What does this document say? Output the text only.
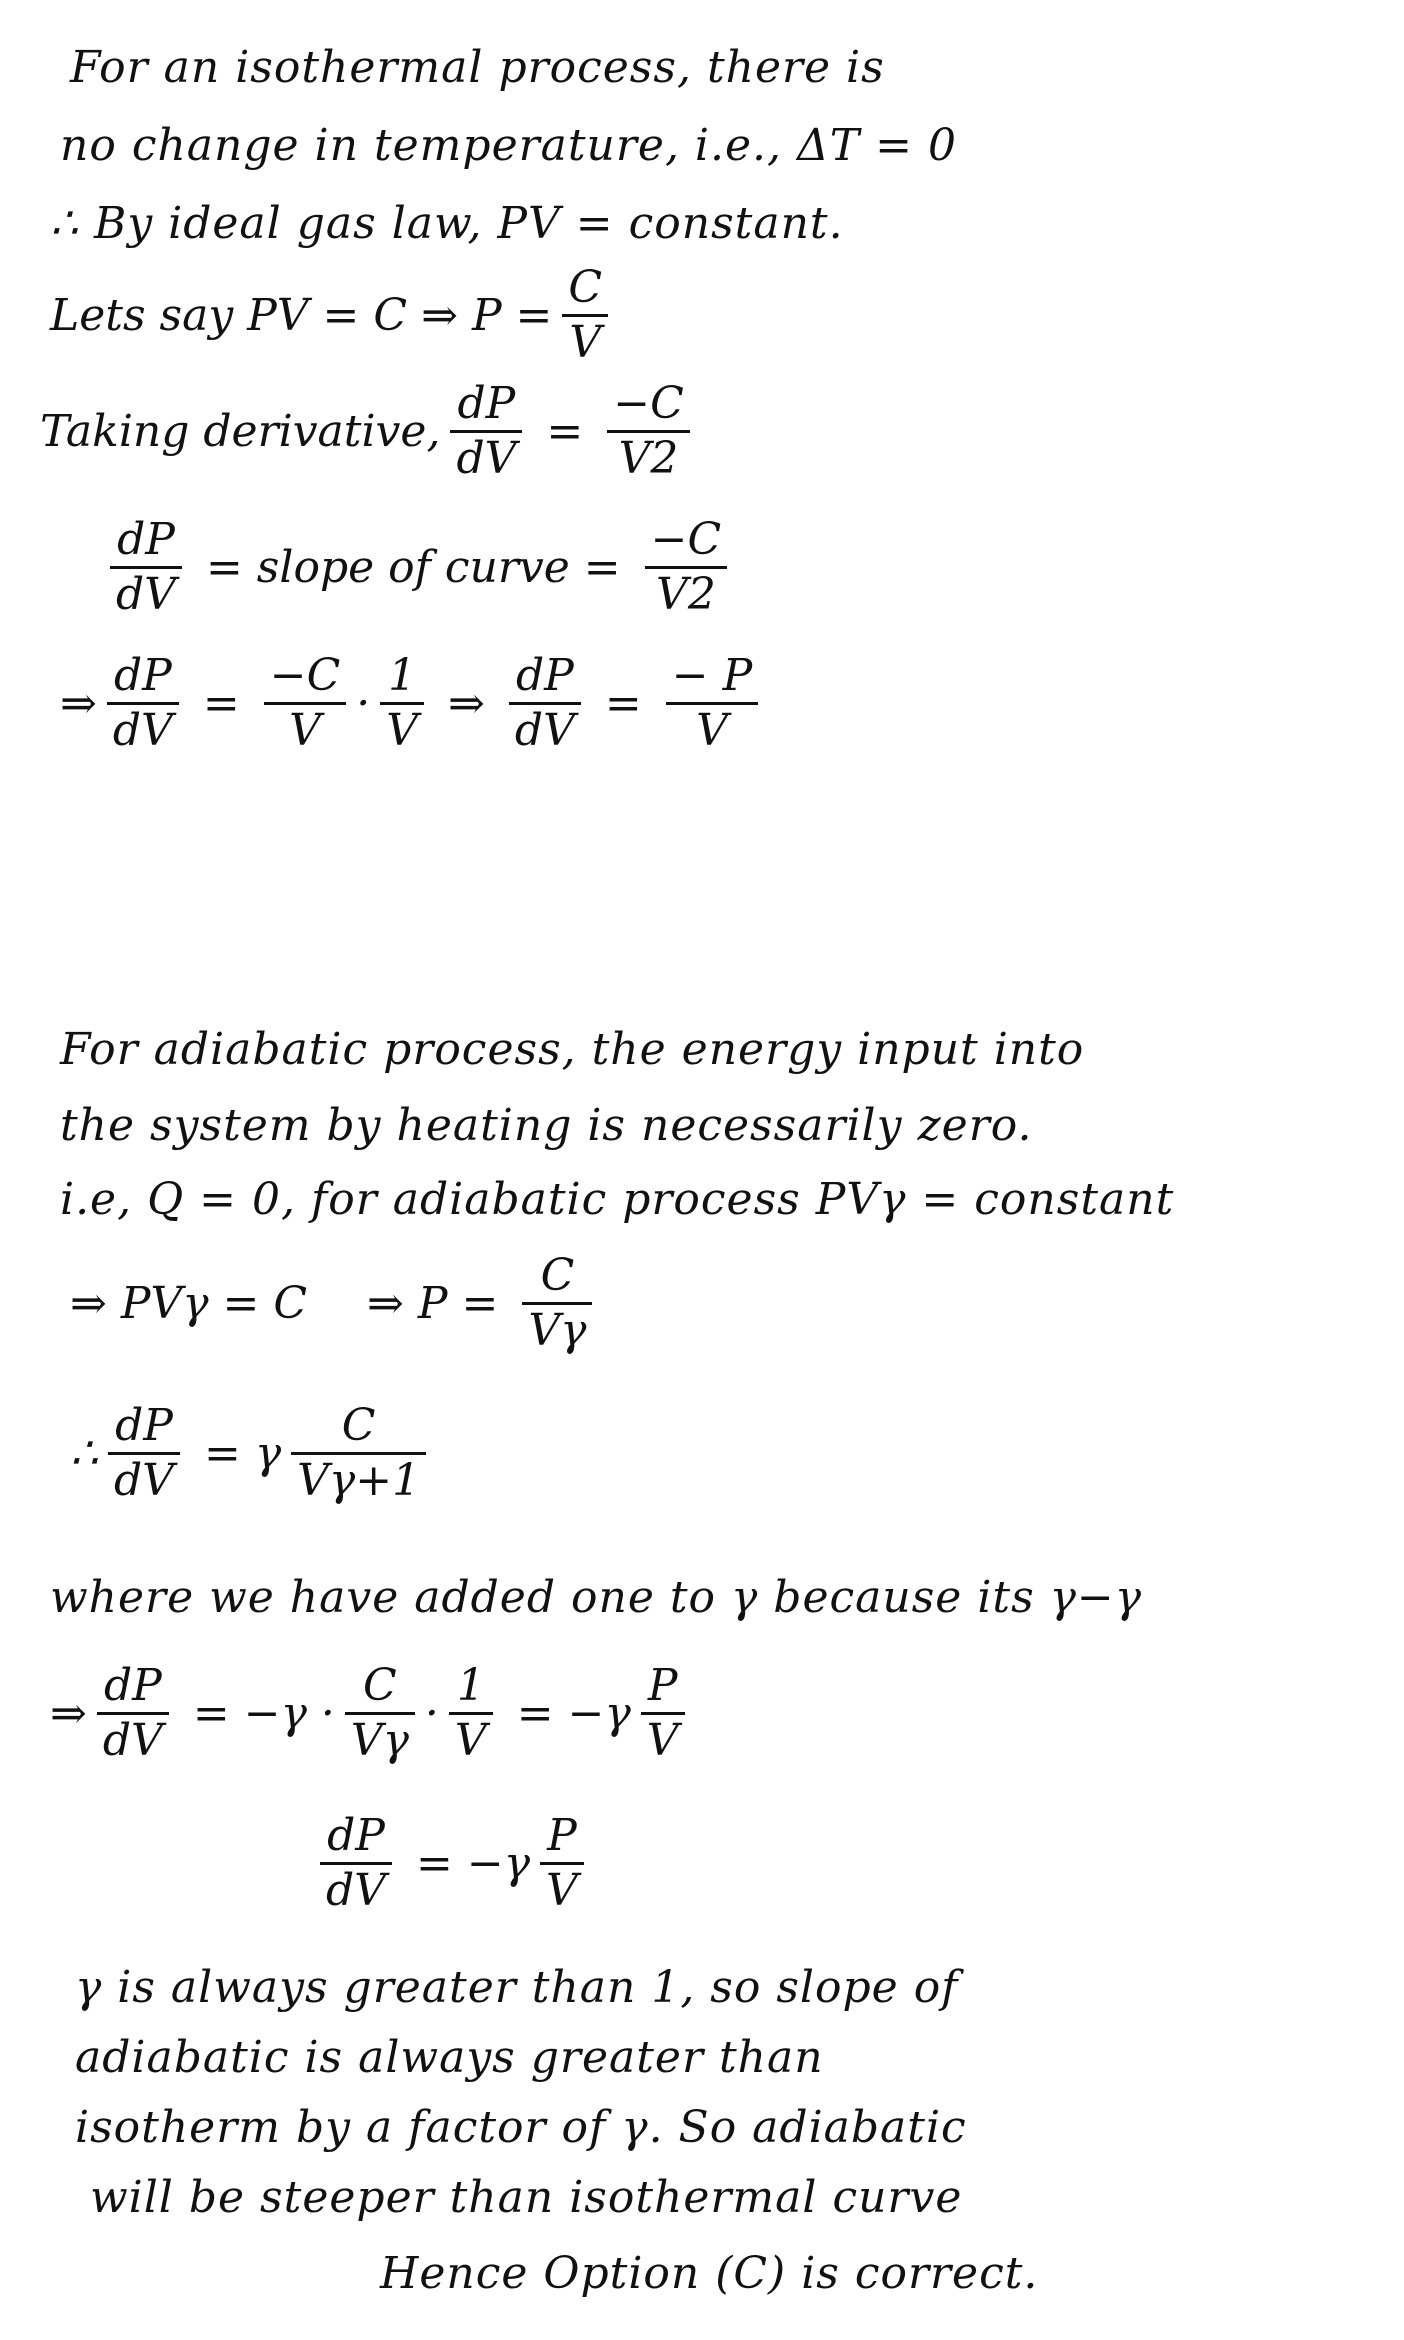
For an isothermal process, there is
no change in temperature, i.e., ΔT = 0
∴ By ideal gas law, PV = constant.
Lets say PV = C ⇒ $P = \frac{C}{V}$
Taking derivative, $\frac{dP}{dV} = \frac{-C}{V2}$
$\frac{dP}{dV}$ = slope of curve = $\frac{-C}{V2}$
⇒ $\frac{dP}{dV} = \frac{-C}{V} \cdot \frac{1}{V}$ ⇒ $\frac{dP}{dV} = \frac{- P}{V}$
For adiabatic process, the energy input into
the system by heating is necessarily zero.
i.e, Q = 0, for adiabatic process PVγ = constant
⇒ PVγ = C ⇒ $P = \frac{C}{V\gamma}$
∴ $\frac{dP}{dV} = \gamma \frac{C}{V\gamma+1}$
where we have added one to γ because its γ−γ
⇒ $\frac{dP}{dV} = -\gamma \cdot \frac{C}{V\gamma} \cdot \frac{1}{V} = -\gamma \frac{P}{V}$
$\frac{dP}{dV} = -\gamma \frac{P}{V}$
γ is always greater than 1, so slope of
adiabatic is always greater than
isotherm by a factor of γ. So adiabatic
will be steeper than isothermal curve
Hence Option (C) is correct.
